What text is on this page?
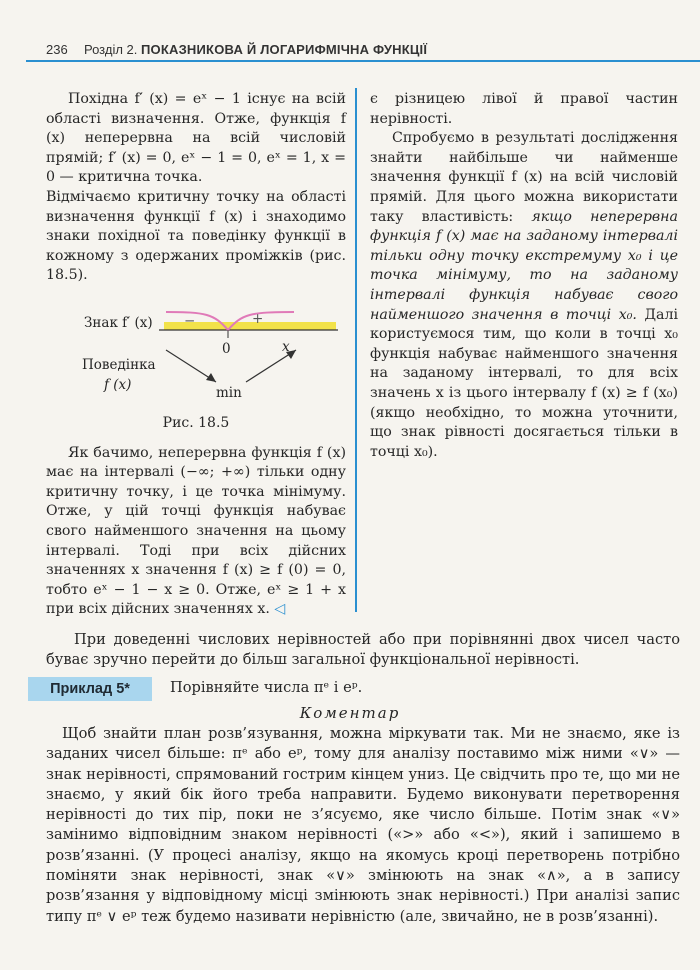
236 Розділ 2. ПОКАЗНИКОВА Й ЛОГАРИФМІЧНА ФУНКЦІЇ

Похідна f′ (x) = eˣ − 1 існує на всій області визначення. Отже, функція f (x) неперервна на всій числовій прямій; f′ (x) = 0, eˣ − 1 = 0, eˣ = 1, x = 0 — критична точка.

Відмічаємо критичну точку на області визначення функції f (x) і знаходимо знаки похідної та поведінку функції в кожному з одержаних проміжків (рис. 18.5).

Знак f′ (x) −	+
0	x
Поведінка
f (x)	min
Рис. 18.5

Як бачимо, неперервна функція f (x) має на інтервалі (−∞; +∞) тільки одну критичну точку, і це точка мінімуму. Отже, у цій точці функція набуває свого найменшого значення на цьому інтервалі. Тоді при всіх дійсних значеннях x значення f (x) ≥ f (0) = 0, тобто eˣ − 1 − x ≥ 0. Отже, eˣ ≥ 1 + x при всіх дійсних значеннях x. ◁

є різницею лівої й правої частин нерівності.

Спробуємо в результаті дослідження знайти найбільше чи найменше значення функції f (x) на всій числовій прямій. Для цього можна використати таку властивість: якщо неперервна функція f (x) має на заданому інтервалі тільки одну точку екстремуму x₀ і це точка мінімуму, то на заданому інтервалі функція набуває свого найменшого значення в точці x₀. Далі користуємося тим, що коли в точці x₀ функція набуває найменшого значення на заданому інтервалі, то для всіх значень x із цього інтервалу f (x) ≥ f (x₀) (якщо необхідно, то можна уточнити, що знак рівності досягається тільки в точці x₀).

При доведенні числових нерівностей або при порівнянні двох чисел часто буває зручно перейти до більш загальної функціональної нерівності.

Приклад 5*	Порівняйте числа πᵉ і eᵖ.
Коментар

Щоб знайти план розв’язування, можна міркувати так. Ми не знаємо, яке із заданих чисел більше: πᵉ або eᵖ, тому для аналізу поставимо між ними «∨» — знак нерівності, спрямований гострим кінцем униз. Це свідчить про те, що ми не знаємо, у який бік його треба направити. Будемо виконувати перетворення нерівності до тих пір, поки не з’ясуємо, яке число більше. Потім знак «∨» замінимо відповідним знаком нерівності («>» або «<»), який і запишемо в розв’язанні. (У процесі аналізу, якщо на якомусь кроці перетворень потрібно поміняти знак нерівності, знак «∨» змінюють на знак «∧», а в запису розв’язання у відповідному місці змінюють знак нерівності.) При аналізі запис типу πᵉ ∨ eᵖ теж будемо називати нерівністю (але, звичайно, не в розв’язанні).
